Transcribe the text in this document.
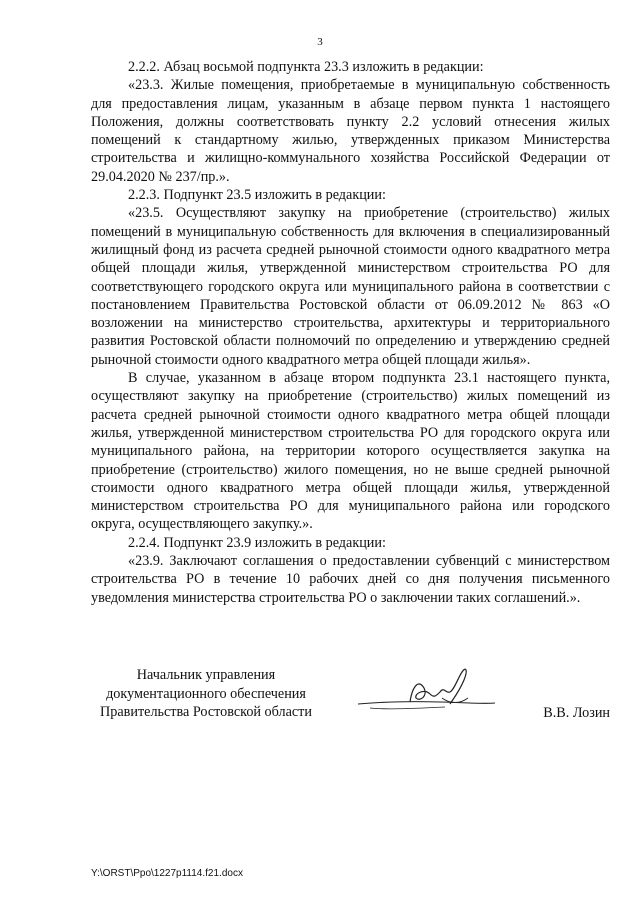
3

2.2.2. Абзац восьмой подпункта 23.3 изложить в редакции:

«23.3. Жилые помещения, приобретаемые в муниципальную собственность для предоставления лицам, указанным в абзаце первом пункта 1 настоящего Положения, должны соответствовать пункту 2.2 условий отнесения жилых помещений к стандартному жилью, утвержденных приказом Министерства строительства и жилищно-коммунального хозяйства Российской Федерации от 29.04.2020 № 237/пр.».

2.2.3. Подпункт 23.5 изложить в редакции:

«23.5. Осуществляют закупку на приобретение (строительство) жилых помещений в муниципальную собственность для включения в специализированный жилищный фонд из расчета средней рыночной стоимости одного квадратного метра общей площади жилья, утвержденной министерством строительства РО для соответствующего городского округа или муниципального района в соответствии с постановлением Правительства Ростовской области от 06.09.2012 № 863 «О возложении на министерство строительства, архитектуры и территориального развития Ростовской области полномочий по определению и утверждению средней рыночной стоимости одного квадратного метра общей площади жилья».

В случае, указанном в абзаце втором подпункта 23.1 настоящего пункта, осуществляют закупку на приобретение (строительство) жилых помещений из расчета средней рыночной стоимости одного квадратного метра общей площади жилья, утвержденной министерством строительства РО для городского округа или муниципального района, на территории которого осуществляется закупка на приобретение (строительство) жилого помещения, но не выше средней рыночной стоимости одного квадратного метра общей площади жилья, утвержденной министерством строительства РО для муниципального района или городского округа, осуществляющего закупку.».

2.2.4. Подпункт 23.9 изложить в редакции:

«23.9. Заключают соглашения о предоставлении субвенций с министерством строительства РО в течение 10 рабочих дней со дня получения письменного уведомления министерства строительства РО о заключении таких соглашений.».

Начальник управления
документационного обеспечения
Правительства Ростовской области	В.В. Лозин
Y:\ORST\Ppo\1227p1114.f21.docx
